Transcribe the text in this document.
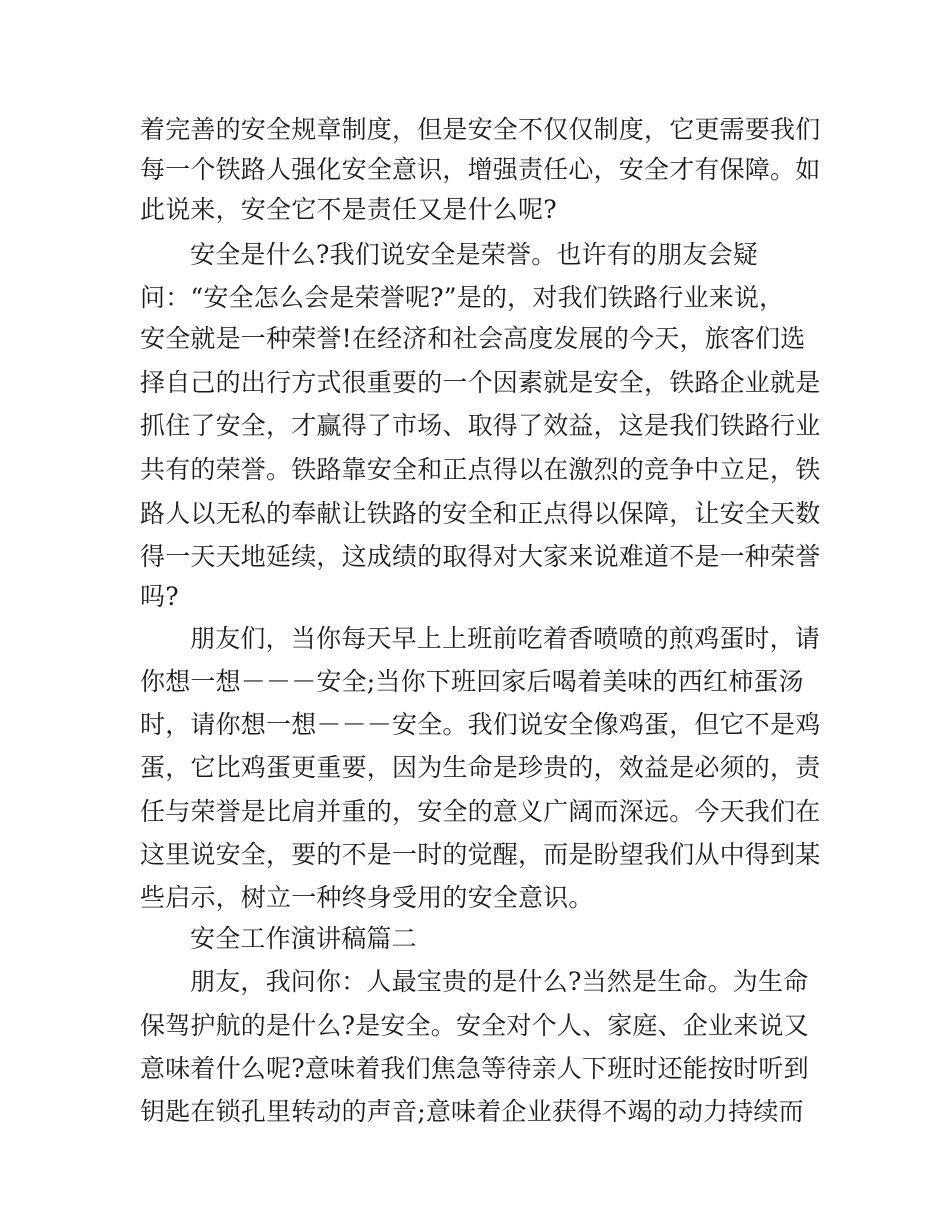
着完善的安全规章制度，但是安全不仅仅制度，它更需要我们
每一个铁路人强化安全意识，增强责任心，安全才有保障。如
此说来，安全它不是责任又是什么呢?
安全是什么?我们说安全是荣誉。也许有的朋友会疑
问：“安全怎么会是荣誉呢?”是的，对我们铁路行业来说，
安全就是一种荣誉!在经济和社会高度发展的今天，旅客们选
择自己的出行方式很重要的一个因素就是安全，铁路企业就是
抓住了安全，才赢得了市场、取得了效益，这是我们铁路行业
共有的荣誉。铁路靠安全和正点得以在激烈的竞争中立足，铁
路人以无私的奉献让铁路的安全和正点得以保障，让安全天数
得一天天地延续，这成绩的取得对大家来说难道不是一种荣誉
吗?
朋友们，当你每天早上上班前吃着香喷喷的煎鸡蛋时，请
你想一想－－－安全;当你下班回家后喝着美味的西红柿蛋汤
时，请你想一想－－－安全。我们说安全像鸡蛋，但它不是鸡
蛋，它比鸡蛋更重要，因为生命是珍贵的，效益是必须的，责
任与荣誉是比肩并重的，安全的意义广阔而深远。今天我们在
这里说安全，要的不是一时的觉醒，而是盼望我们从中得到某
些启示，树立一种终身受用的安全意识。
安全工作演讲稿篇二
朋友，我问你：人最宝贵的是什么?当然是生命。为生命
保驾护航的是什么?是安全。安全对个人、家庭、企业来说又
意味着什么呢?意味着我们焦急等待亲人下班时还能按时听到
钥匙在锁孔里转动的声音;意味着企业获得不竭的动力持续而
